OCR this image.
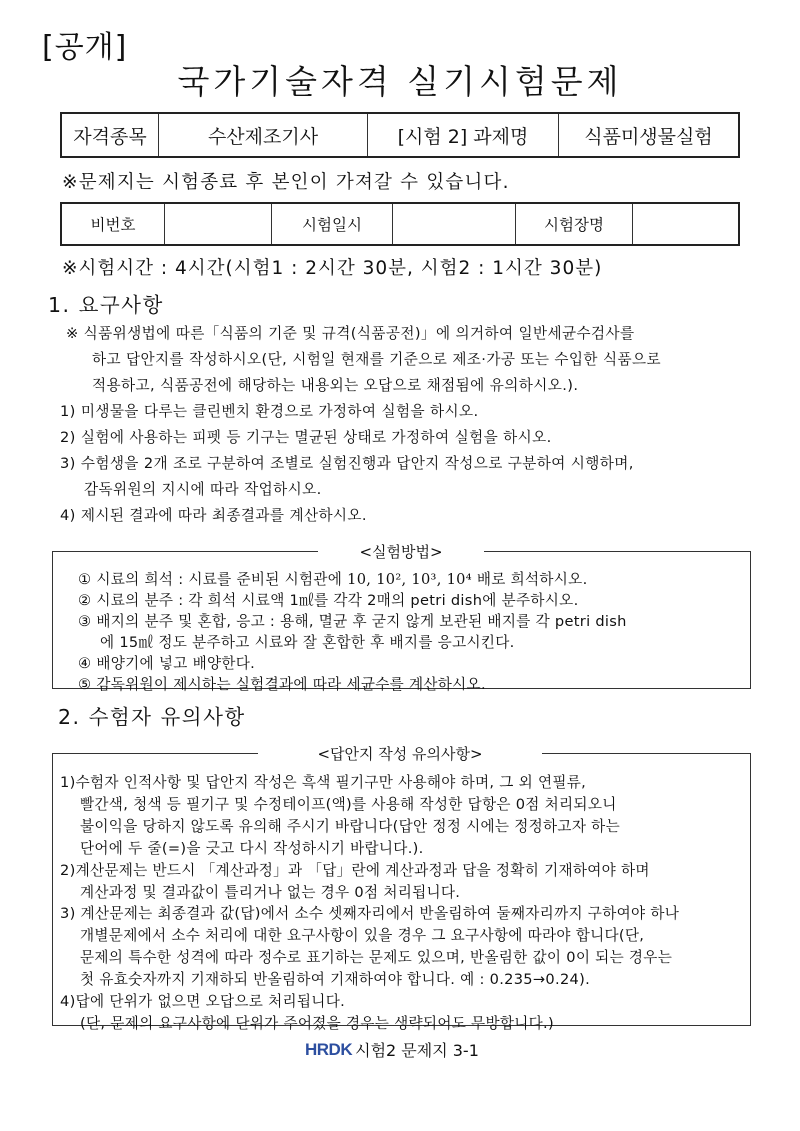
[공개]
국가기술자격 실기시험문제
자격종목	수산제조기사	[시험 2] 과제명	식품미생물실험
※문제지는 시험종료 후 본인이 가져갈 수 있습니다.
비번호		시험일시		시험장명	
※시험시간 : 4시간(시험1 : 2시간 30분, 시험2 : 1시간 30분)
1. 요구사항
※ 식품위생법에 따른「식품의 기준 및 규격(식품공전)」에 의거하여 일반세균수검사를
하고 답안지를 작성하시오(단, 시험일 현재를 기준으로 제조·가공 또는 수입한 식품으로
적용하고, 식품공전에 해당하는 내용외는 오답으로 채점됨에 유의하시오.).
1) 미생물을 다루는 클린벤치 환경으로 가정하여 실험을 하시오.
2) 실험에 사용하는 피펫 등 기구는 멸균된 상태로 가정하여 실험을 하시오.
3) 수험생을 2개 조로 구분하여 조별로 실험진행과 답안지 작성으로 구분하여 시행하며,
감독위원의 지시에 따라 작업하시오.
4) 제시된 결과에 따라 최종결과를 계산하시오.
<실험방법>
① 시료의 희석 : 시료를 준비된 시험관에 10, 10², 10³, 10⁴ 배로 희석하시오.
② 시료의 분주 : 각 희석 시료액 1㎖를 각각 2매의 petri dish에 분주하시오.
③ 배지의 분주 및 혼합, 응고 : 용해, 멸균 후 굳지 않게 보관된 배지를 각 petri dish
에 15㎖ 정도 분주하고 시료와 잘 혼합한 후 배지를 응고시킨다.
④ 배양기에 넣고 배양한다.
⑤ 감독위원이 제시하는 실험결과에 따라 세균수를 계산하시오.
2. 수험자 유의사항
<답안지 작성 유의사항>
1)수험자 인적사항 및 답안지 작성은 흑색 필기구만 사용해야 하며, 그 외 연필류,
빨간색, 청색 등 필기구 및 수정테이프(액)를 사용해 작성한 답항은 0점 처리되오니
불이익을 당하지 않도록 유의해 주시기 바랍니다(답안 정정 시에는 정정하고자 하는
단어에 두 줄(=)을 긋고 다시 작성하시기 바랍니다.).
2)계산문제는 반드시 「계산과정」과 「답」란에 계산과정과 답을 정확히 기재하여야 하며
계산과정 및 결과값이 틀리거나 없는 경우 0점 처리됩니다.
3) 계산문제는 최종결과 값(답)에서 소수 셋째자리에서 반올림하여 둘째자리까지 구하여야 하나
개별문제에서 소수 처리에 대한 요구사항이 있을 경우 그 요구사항에 따라야 합니다(단,
문제의 특수한 성격에 따라 정수로 표기하는 문제도 있으며, 반올림한 값이 0이 되는 경우는
첫 유효숫자까지 기재하되 반올림하여 기재하여야 합니다. 예 : 0.235→0.24).
4)답에 단위가 없으면 오답으로 처리됩니다.
(단, 문제의 요구사항에 단위가 주어졌을 경우는 생략되어도 무방합니다.)
HRDK 시험2 문제지 3-1
